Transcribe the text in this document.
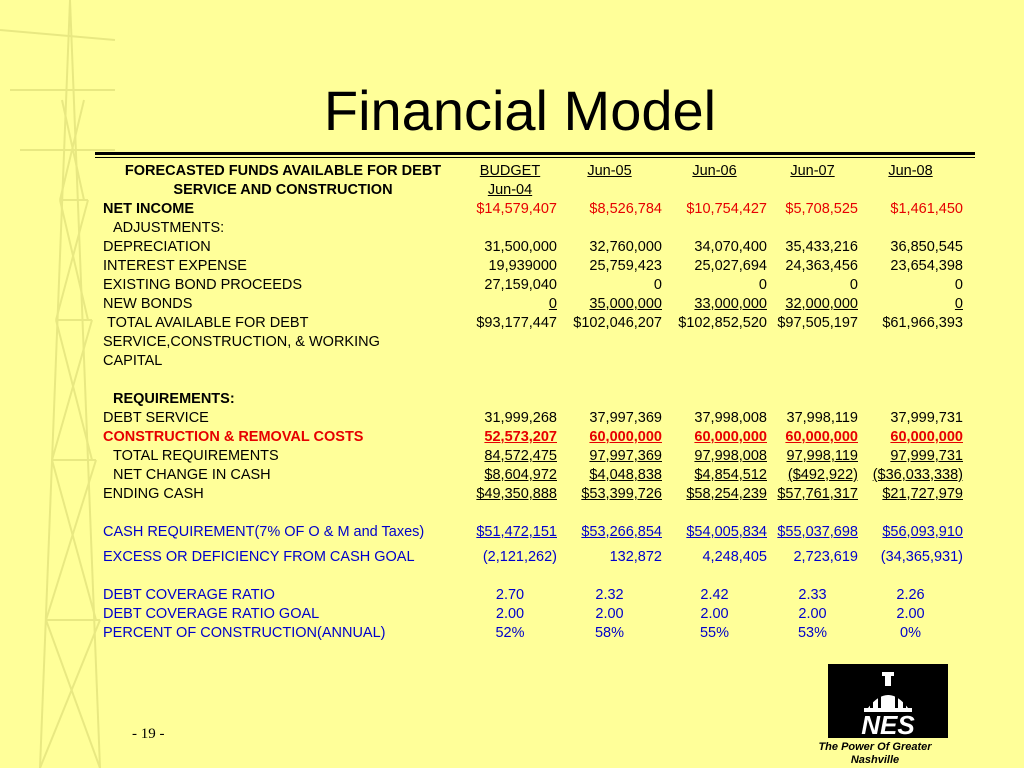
Financial Model
FORECASTED FUNDS AVAILABLE FOR DEBT SERVICE AND CONSTRUCTION	BUDGET	Jun-05	Jun-06	Jun-07	Jun-08
	Jun-04				
NET INCOME	$14,579,407	$8,526,784	$10,754,427	$5,708,525	$1,461,450
ADJUSTMENTS:					
DEPRECIATION	31,500,000	32,760,000	34,070,400	35,433,216	36,850,545
INTEREST EXPENSE	19,939000	25,759,423	25,027,694	24,363,456	23,654,398
EXISTING BOND PROCEEDS	27,159,040	0	0	0	0
NEW BONDS	0	35,000,000	33,000,000	32,000,000	0
TOTAL AVAILABLE FOR DEBT	$93,177,447	$102,046,207	$102,852,520	$97,505,197	$61,966,393
SERVICE,CONSTRUCTION, & WORKING					
CAPITAL					

REQUIREMENTS:					
DEBT SERVICE	31,999,268	37,997,369	37,998,008	37,998,119	37,999,731
CONSTRUCTION & REMOVAL COSTS	52,573,207	60,000,000	60,000,000	60,000,000	60,000,000
TOTAL REQUIREMENTS	84,572,475	97,997,369	97,998,008	97,998,119	97,999,731
NET CHANGE IN CASH	$8,604,972	$4,048,838	$4,854,512	($492,922)	($36,033,338)
ENDING CASH	$49,350,888	$53,399,726	$58,254,239	$57,761,317	$21,727,979

CASH REQUIREMENT(7% OF O & M and Taxes)	$51,472,151	$53,266,854	$54,005,834	$55,037,698	$56,093,910

EXCESS OR DEFICIENCY FROM CASH GOAL	(2,121,262)	132,872	4,248,405	2,723,619	(34,365,931)

DEBT COVERAGE RATIO	2.70	2.32	2.42	2.33	2.26
DEBT COVERAGE RATIO GOAL	2.00	2.00	2.00	2.00	2.00
PERCENT OF CONSTRUCTION(ANNUAL)	52%	58%	55%	53%	0%
- 19 -	NES
The Power Of Greater Nashville
